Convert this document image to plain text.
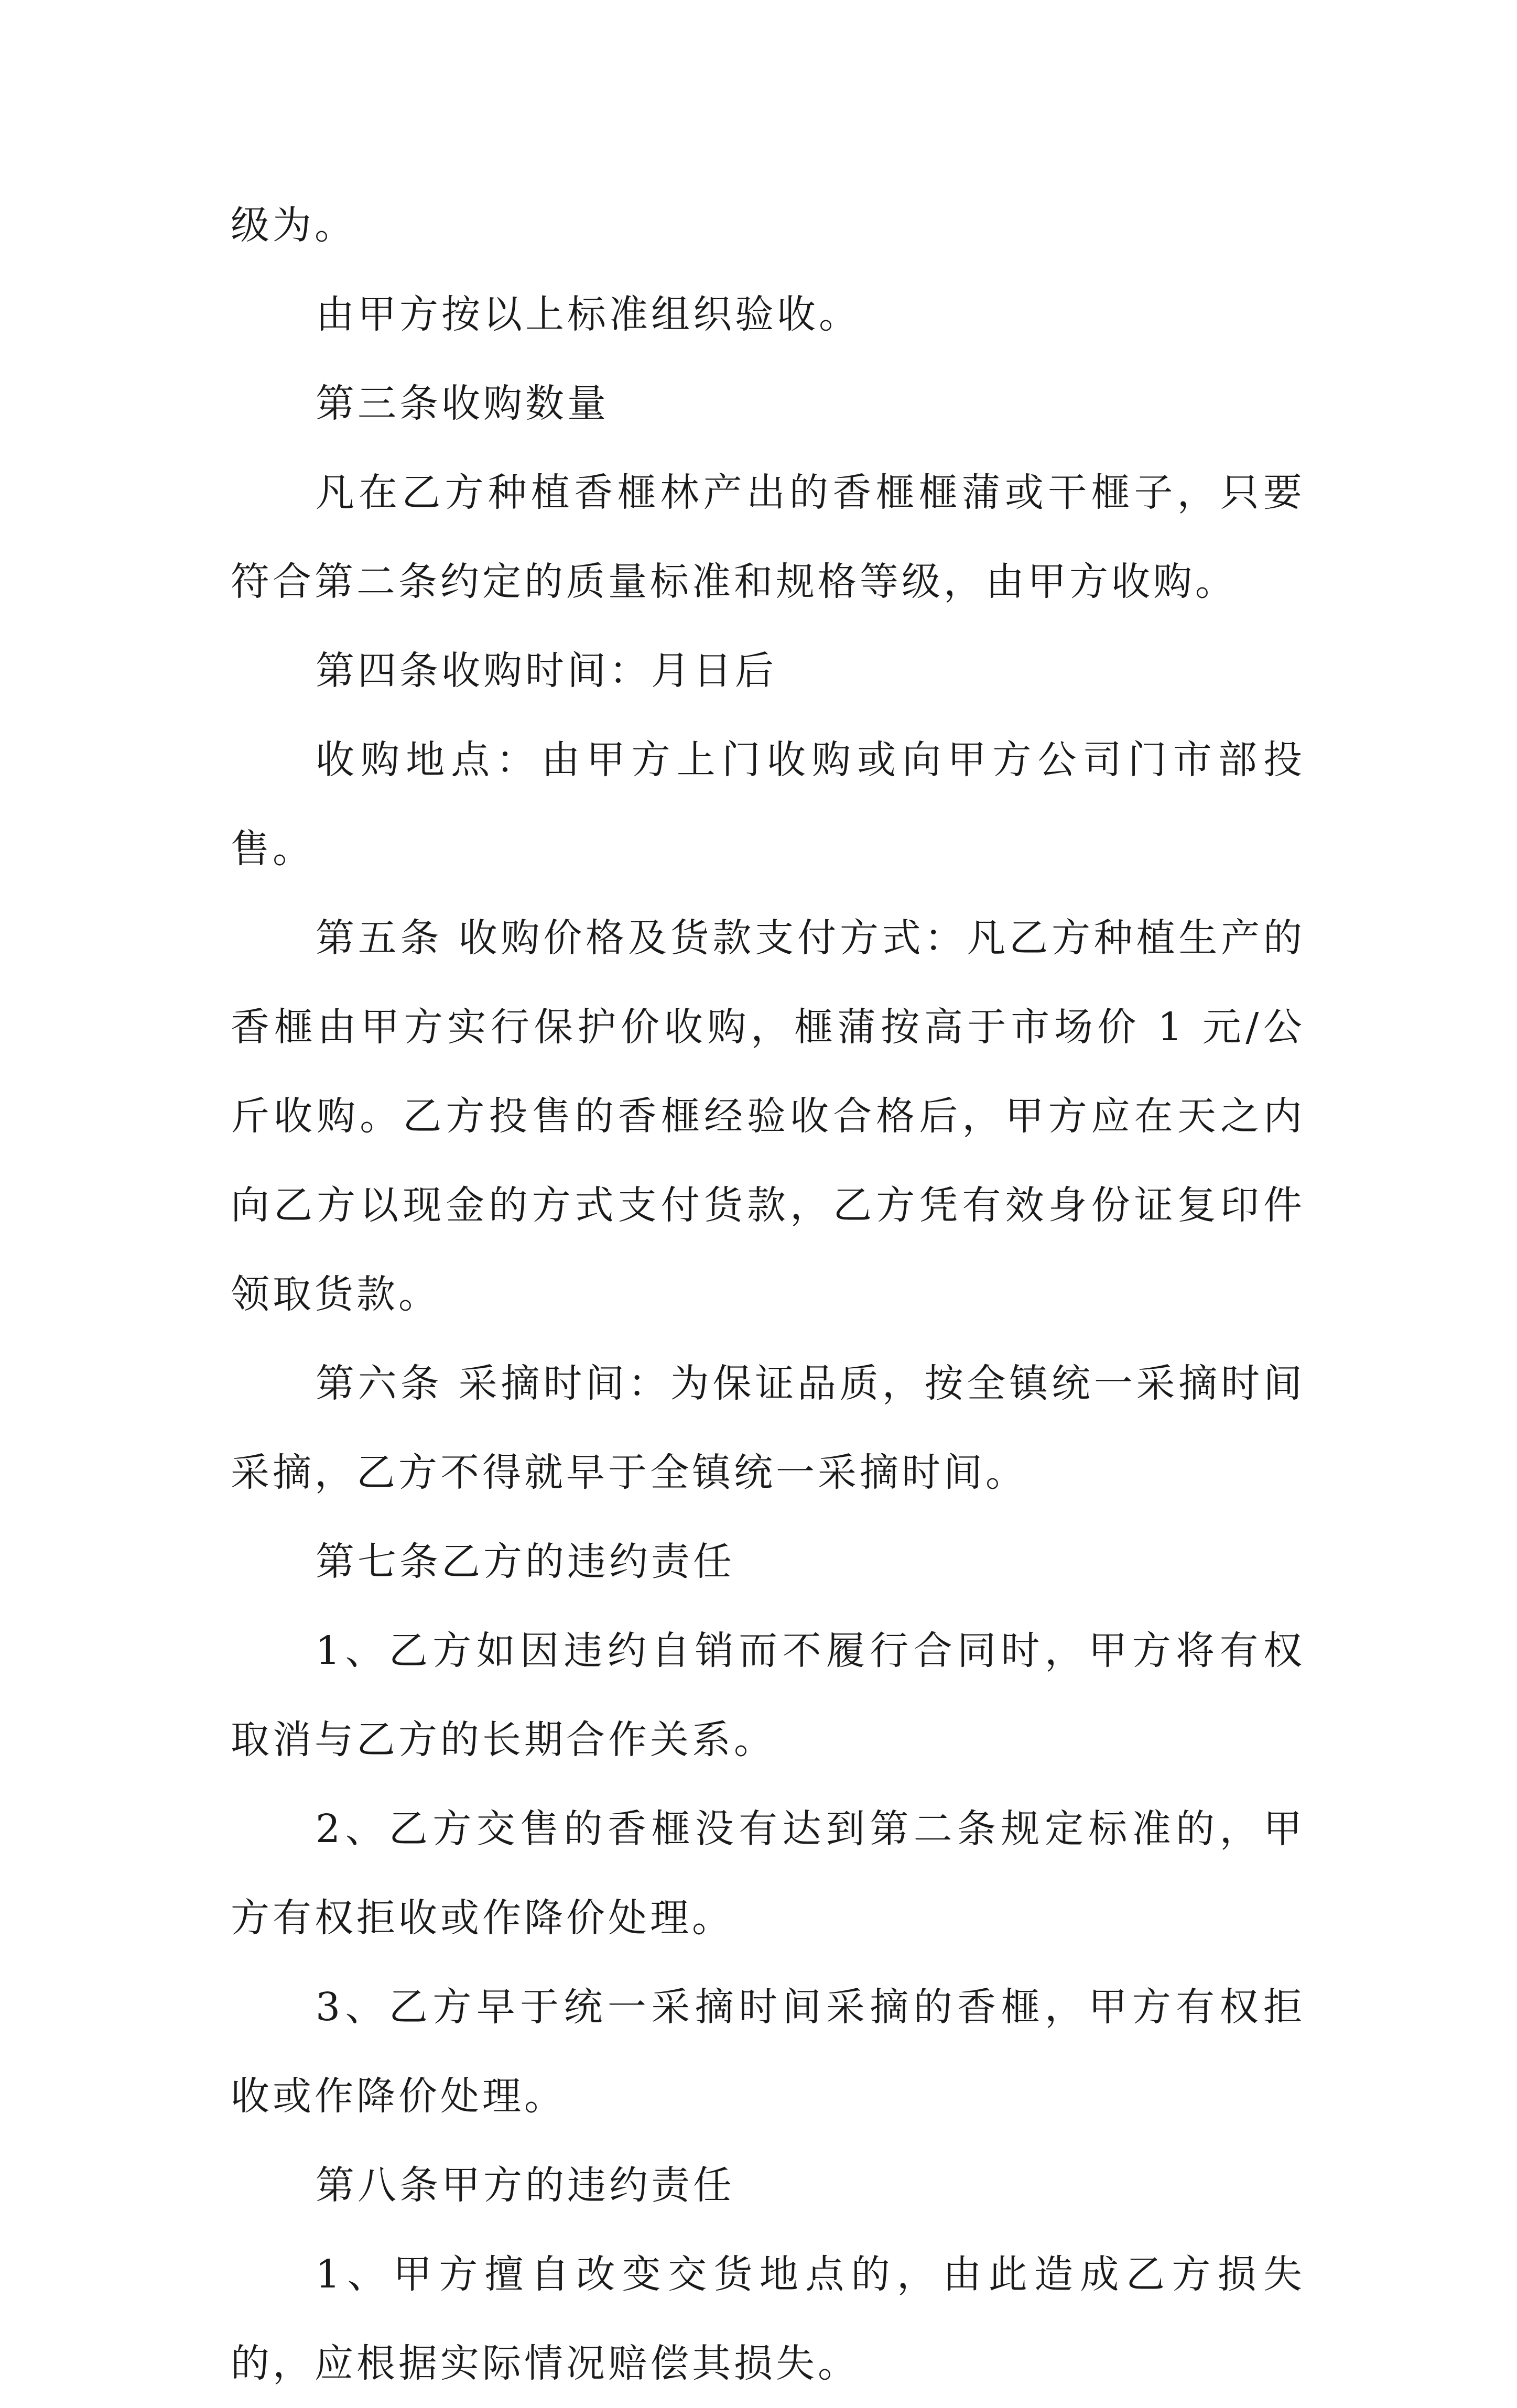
级为。

由甲方按以上标准组织验收。

第三条收购数量

凡在乙方种植香榧林产出的香榧榧蒲或干榧子，只要符合第二条约定的质量标准和规格等级，由甲方收购。

第四条收购时间：月日后

收购地点：由甲方上门收购或向甲方公司门市部投售。

第五条 收购价格及货款支付方式：凡乙方种植生产的香榧由甲方实行保护价收购，榧蒲按高于市场价 1 元/公斤收购。乙方投售的香榧经验收合格后，甲方应在天之内向乙方以现金的方式支付货款，乙方凭有效身份证复印件领取货款。

第六条 采摘时间：为保证品质，按全镇统一采摘时间采摘，乙方不得就早于全镇统一采摘时间。

第七条乙方的违约责任

1、乙方如因违约自销而不履行合同时，甲方将有权取消与乙方的长期合作关系。

2、乙方交售的香榧没有达到第二条规定标准的，甲方有权拒收或作降价处理。

3、乙方早于统一采摘时间采摘的香榧，甲方有权拒收或作降价处理。

第八条甲方的违约责任

1、甲方擅自改变交货地点的，由此造成乙方损失的，应根据实际情况赔偿其损失。
